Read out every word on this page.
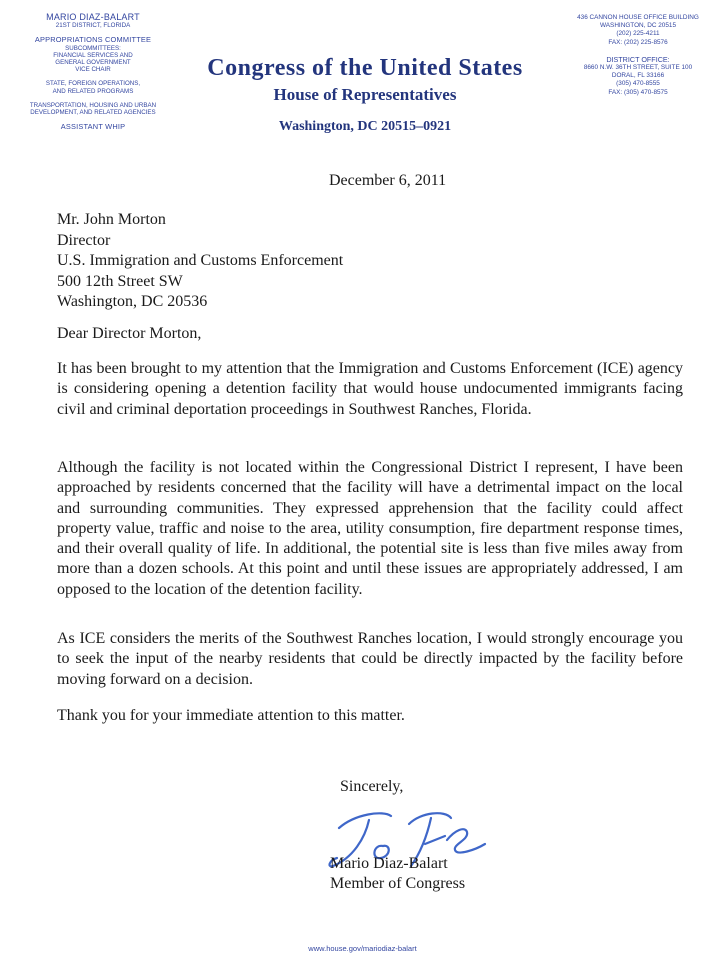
MARIO DIAZ-BALART
21ST DISTRICT, FLORIDA
APPROPRIATIONS COMMITTEE
SUBCOMMITTEES:
FINANCIAL SERVICES AND
GENERAL GOVERNMENT
VICE CHAIR
STATE, FOREIGN OPERATIONS,
AND RELATED PROGRAMS
TRANSPORTATION, HOUSING AND URBAN
DEVELOPMENT, AND RELATED AGENCIES
ASSISTANT WHIP
Congress of the United States
House of Representatives
Washington, DC 20515–0921
436 CANNON HOUSE OFFICE BUILDING
WASHINGTON, DC 20515
(202) 225-4211
FAX: (202) 225-8576
DISTRICT OFFICE:
8660 N.W. 36TH STREET, SUITE 100
DORAL, FL 33166
(305) 470-8555
FAX: (305) 470-8575
December 6, 2011
Mr. John Morton
Director
U.S. Immigration and Customs Enforcement
500 12th Street SW
Washington, DC 20536
Dear Director Morton,
It has been brought to my attention that the Immigration and Customs Enforcement (ICE) agency is considering opening a detention facility that would house undocumented immigrants facing civil and criminal deportation proceedings in Southwest Ranches, Florida.
Although the facility is not located within the Congressional District I represent, I have been approached by residents concerned that the facility will have a detrimental impact on the local and surrounding communities. They expressed apprehension that the facility could affect property value, traffic and noise to the area, utility consumption, fire department response times, and their overall quality of life. In additional, the potential site is less than five miles away from more than a dozen schools. At this point and until these issues are appropriately addressed, I am opposed to the location of the detention facility.
As ICE considers the merits of the Southwest Ranches location, I would strongly encourage you to seek the input of the nearby residents that could be directly impacted by the facility before moving forward on a decision.
Thank you for your immediate attention to this matter.
Sincerely,
Mario Diaz-Balart
Member of Congress
www.house.gov/mariodiaz-balart
